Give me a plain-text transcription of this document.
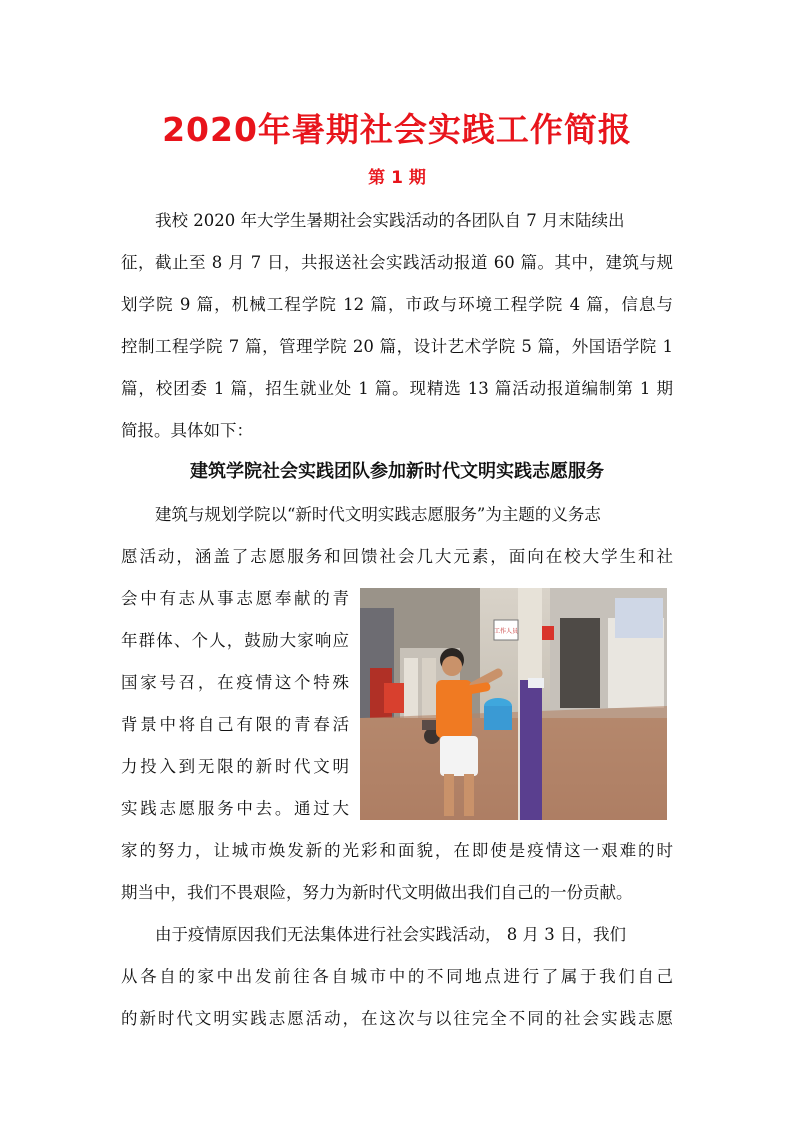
2020年暑期社会实践工作简报
第 1 期

我校 2020 年大学生暑期社会实践活动的各团队自 7 月末陆续出

征，截止至 8 月 7 日，共报送社会实践活动报道 60 篇。其中，建筑与规

划学院 9 篇，机械工程学院 12 篇，市政与环境工程学院 4 篇，信息与

控制工程学院 7 篇，管理学院 20 篇，设计艺术学院 5 篇，外国语学院 1

篇，校团委 1 篇，招生就业处 1 篇。现精选 13 篇活动报道编制第 1 期

简报。具体如下：

建筑学院社会实践团队参加新时代文明实践志愿服务

建筑与规划学院以“新时代文明实践志愿服务”为主题的义务志

愿活动，涵盖了志愿服务和回馈社会几大元素，面向在校大学生和社

会中有志从事志愿奉献的青

年群体、个人，鼓励大家响应

国家号召，在疫情这个特殊

背景中将自己有限的青春活

力投入到无限的新时代文明

实践志愿服务中去。通过大

工作人员

家的努力，让城市焕发新的光彩和面貌，在即使是疫情这一艰难的时

期当中，我们不畏艰险，努力为新时代文明做出我们自己的一份贡献。

由于疫情原因我们无法集体进行社会实践活动， 8 月 3 日，我们

从各自的家中出发前往各自城市中的不同地点进行了属于我们自己

的新时代文明实践志愿活动，在这次与以往完全不同的社会实践志愿
